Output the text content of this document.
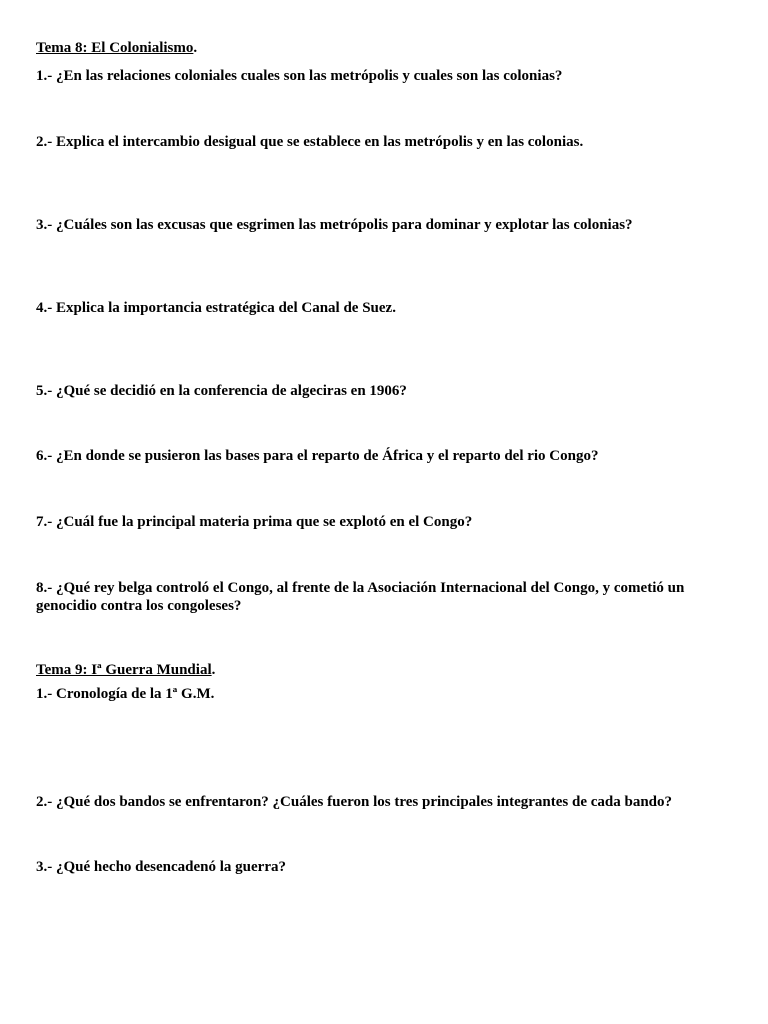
Tema 8: El Colonialismo.
1.- ¿En las relaciones coloniales cuales son las metrópolis y cuales son las colonias?
2.- Explica el intercambio desigual que se establece en las metrópolis y en las colonias.
3.- ¿Cuáles son las excusas que esgrimen las metrópolis para dominar y explotar las colonias?
4.- Explica la importancia estratégica del Canal de Suez.
5.- ¿Qué se decidió en la conferencia de algeciras en 1906?
6.- ¿En donde se pusieron las bases para el reparto de África y el reparto del rio Congo?
7.- ¿Cuál fue la principal materia prima que se explotó en el Congo?
8.- ¿Qué rey belga controló el Congo, al frente de la Asociación Internacional del Congo, y cometió un genocidio contra los congoleses?
Tema 9: Iª Guerra Mundial.
1.- Cronología de la 1ª G.M.
2.- ¿Qué dos bandos se enfrentaron? ¿Cuáles fueron los tres principales integrantes de cada bando?
3.- ¿Qué hecho desencadenó la guerra?
